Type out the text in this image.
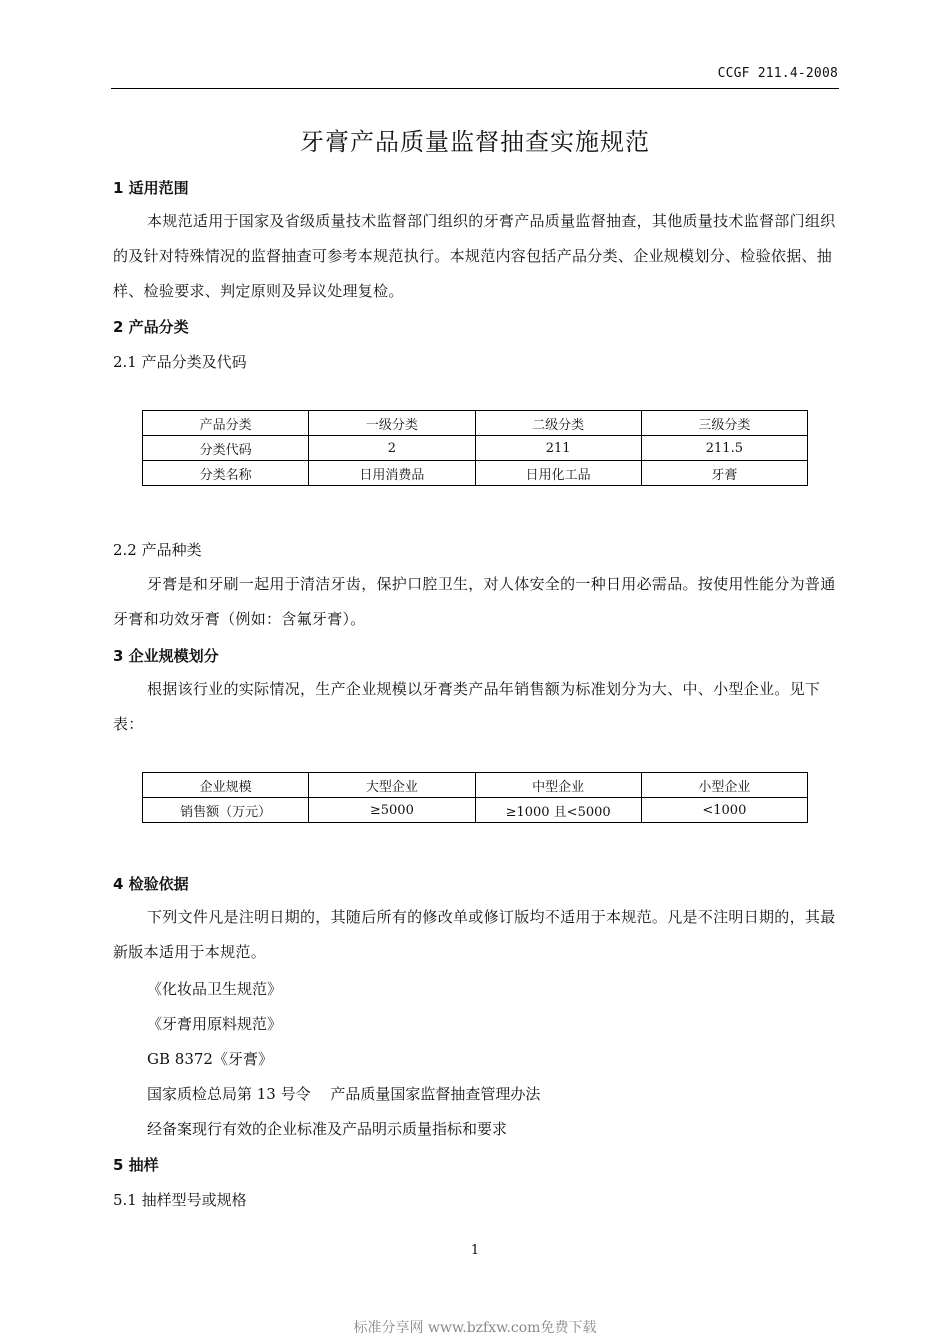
CCGF 211.4-2008
牙膏产品质量监督抽查实施规范
1 适用范围
本规范适用于国家及省级质量技术监督部门组织的牙膏产品质量监督抽查，其他质量技术监督部门组织的及针对特殊情况的监督抽查可参考本规范执行。本规范内容包括产品分类、企业规模划分、检验依据、抽样、检验要求、判定原则及异议处理复检。
2 产品分类
2.1 产品分类及代码
产品分类	一级分类	二级分类	三级分类
分类代码	2	211	211.5
分类名称	日用消费品	日用化工品	牙膏
2.2 产品种类
牙膏是和牙刷一起用于清洁牙齿，保护口腔卫生，对人体安全的一种日用必需品。按使用性能分为普通牙膏和功效牙膏（例如：含氟牙膏）。
3 企业规模划分
根据该行业的实际情况，生产企业规模以牙膏类产品年销售额为标准划分为大、中、小型企业。见下表：
企业规模	大型企业	中型企业	小型企业
销售额（万元）	≥5000	≥1000 且<5000	<1000
4 检验依据
下列文件凡是注明日期的，其随后所有的修改单或修订版均不适用于本规范。凡是不注明日期的，其最新版本适用于本规范。
《化妆品卫生规范》
《牙膏用原料规范》
GB 8372《牙膏》
国家质检总局第 13 号令　 产品质量国家监督抽查管理办法
经备案现行有效的企业标准及产品明示质量指标和要求
5 抽样
5.1 抽样型号或规格
1
标准分享网 www.bzfxw.com免费下载
